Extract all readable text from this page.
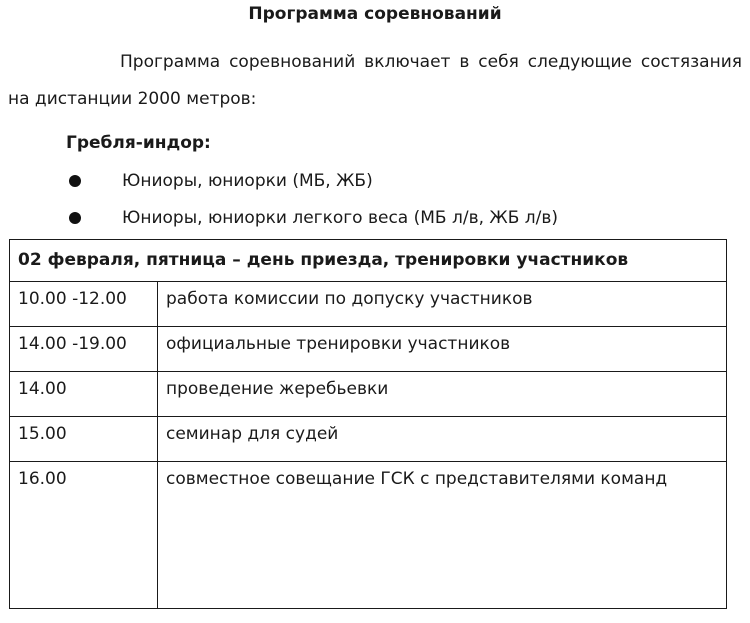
Программа соревнований
Программа соревнований включает в себя следующие состязания на дистанции 2000 метров:
Гребля-индор:
Юниоры, юниорки (МБ, ЖБ)
Юниоры, юниорки легкого веса (МБ л/в, ЖБ л/в)
02 февраля, пятница – день приезда, тренировки участников	
10.00 -12.00	работа комиссии по допуску участников
14.00 -19.00	официальные тренировки участников
14.00	проведение жеребьевки
15.00	семинар для судей
16.00	совместное совещание ГСК с представителями команд
